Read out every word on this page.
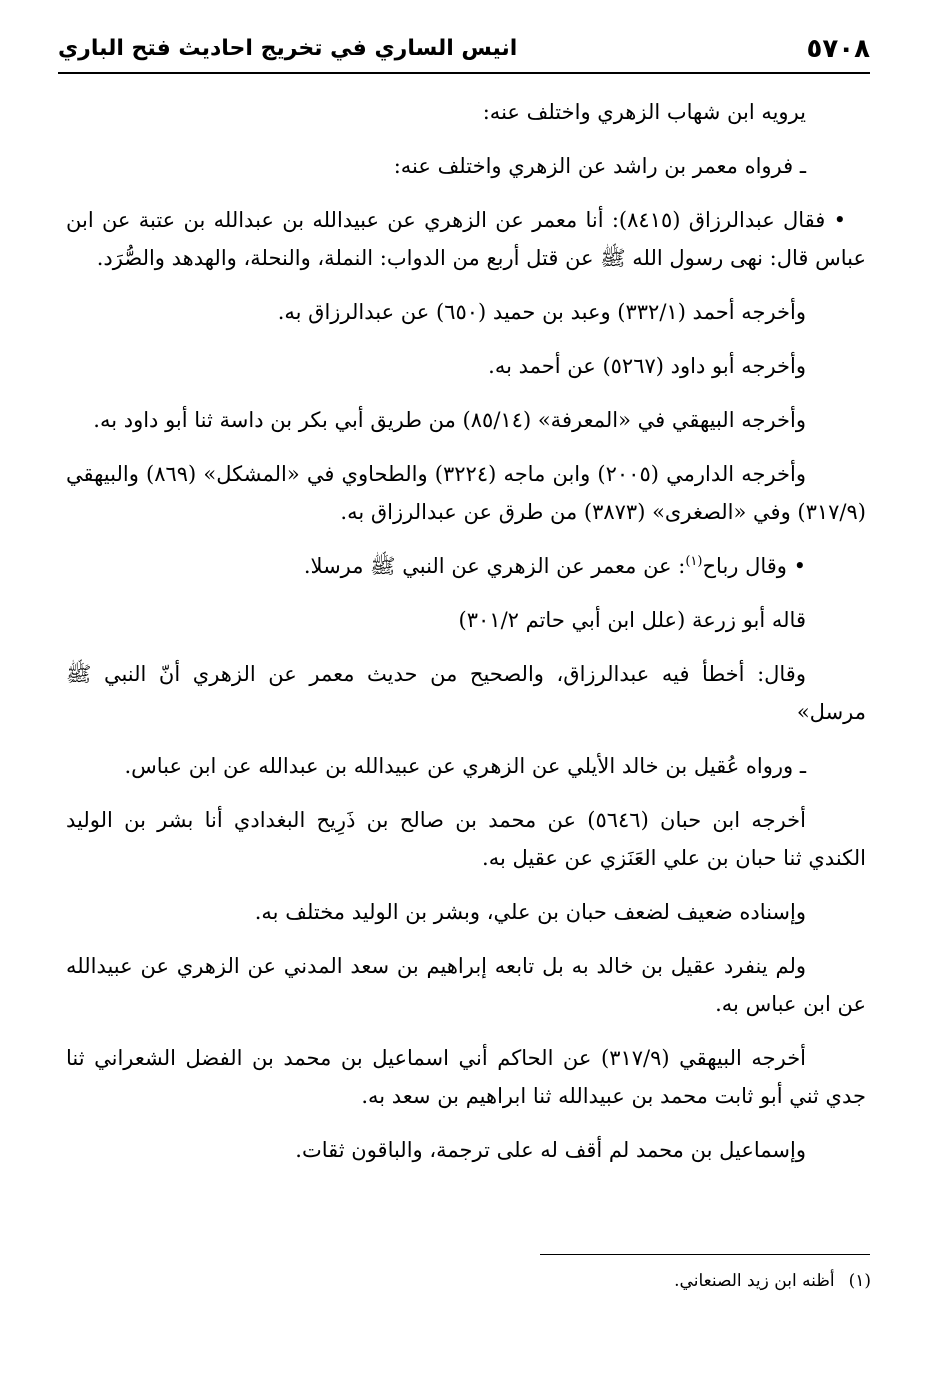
٥٧٠٨
انيس الساري في تخريج احاديث فتح الباري

يرويه ابن شهاب الزهري واختلف عنه:

ـ فرواه معمر بن راشد عن الزهري واختلف عنه:

• فقال عبدالرزاق (٨٤١٥): أنا معمر عن الزهري عن عبيدالله بن عبدالله بن عتبة عن ابن عباس قال: نهى رسول الله ﷺ عن قتل أربع من الدواب: النملة، والنحلة، والهدهد والصُّرَد.

وأخرجه أحمد (٣٣٢/١) وعبد بن حميد (٦٥٠) عن عبدالرزاق به.

وأخرجه أبو داود (٥٢٦٧) عن أحمد به.

وأخرجه البيهقي في «المعرفة» (٨٥/١٤) من طريق أبي بكر بن داسة ثنا أبو داود به.

وأخرجه الدارمي (٢٠٠٥) وابن ماجه (٣٢٢٤) والطحاوي في «المشكل» (٨٦٩) والبيهقي (٣١٧/٩) وفي «الصغرى» (٣٨٧٣) من طرق عن عبدالرزاق به.

• وقال رباح$^{(١)}$: عن معمر عن الزهري عن النبي ﷺ مرسلا.

قاله أبو زرعة (علل ابن أبي حاتم ٣٠١/٢)

وقال: أخطأ فيه عبدالرزاق، والصحيح من حديث معمر عن الزهري أنّ النبي ﷺ مرسل»

ـ ورواه عُقيل بن خالد الأيلي عن الزهري عن عبيدالله بن عبدالله عن ابن عباس.

أخرجه ابن حبان (٥٦٤٦) عن محمد بن صالح بن ذَرِيح البغدادي أنا بشر بن الوليد الكندي ثنا حبان بن علي العَنَزي عن عقيل به.

وإسناده ضعيف لضعف حبان بن علي، وبشر بن الوليد مختلف به.

ولم ينفرد عقيل بن خالد به بل تابعه إبراهيم بن سعد المدني عن الزهري عن عبيدالله عن ابن عباس به.

أخرجه البيهقي (٣١٧/٩) عن الحاكم أني اسماعيل بن محمد بن الفضل الشعراني ثنا جدي ثني أبو ثابت محمد بن عبيدالله ثنا ابراهيم بن سعد به.

وإسماعيل بن محمد لم أقف له على ترجمة، والباقون ثقات.

(١)أظنه ابن زيد الصنعاني.
